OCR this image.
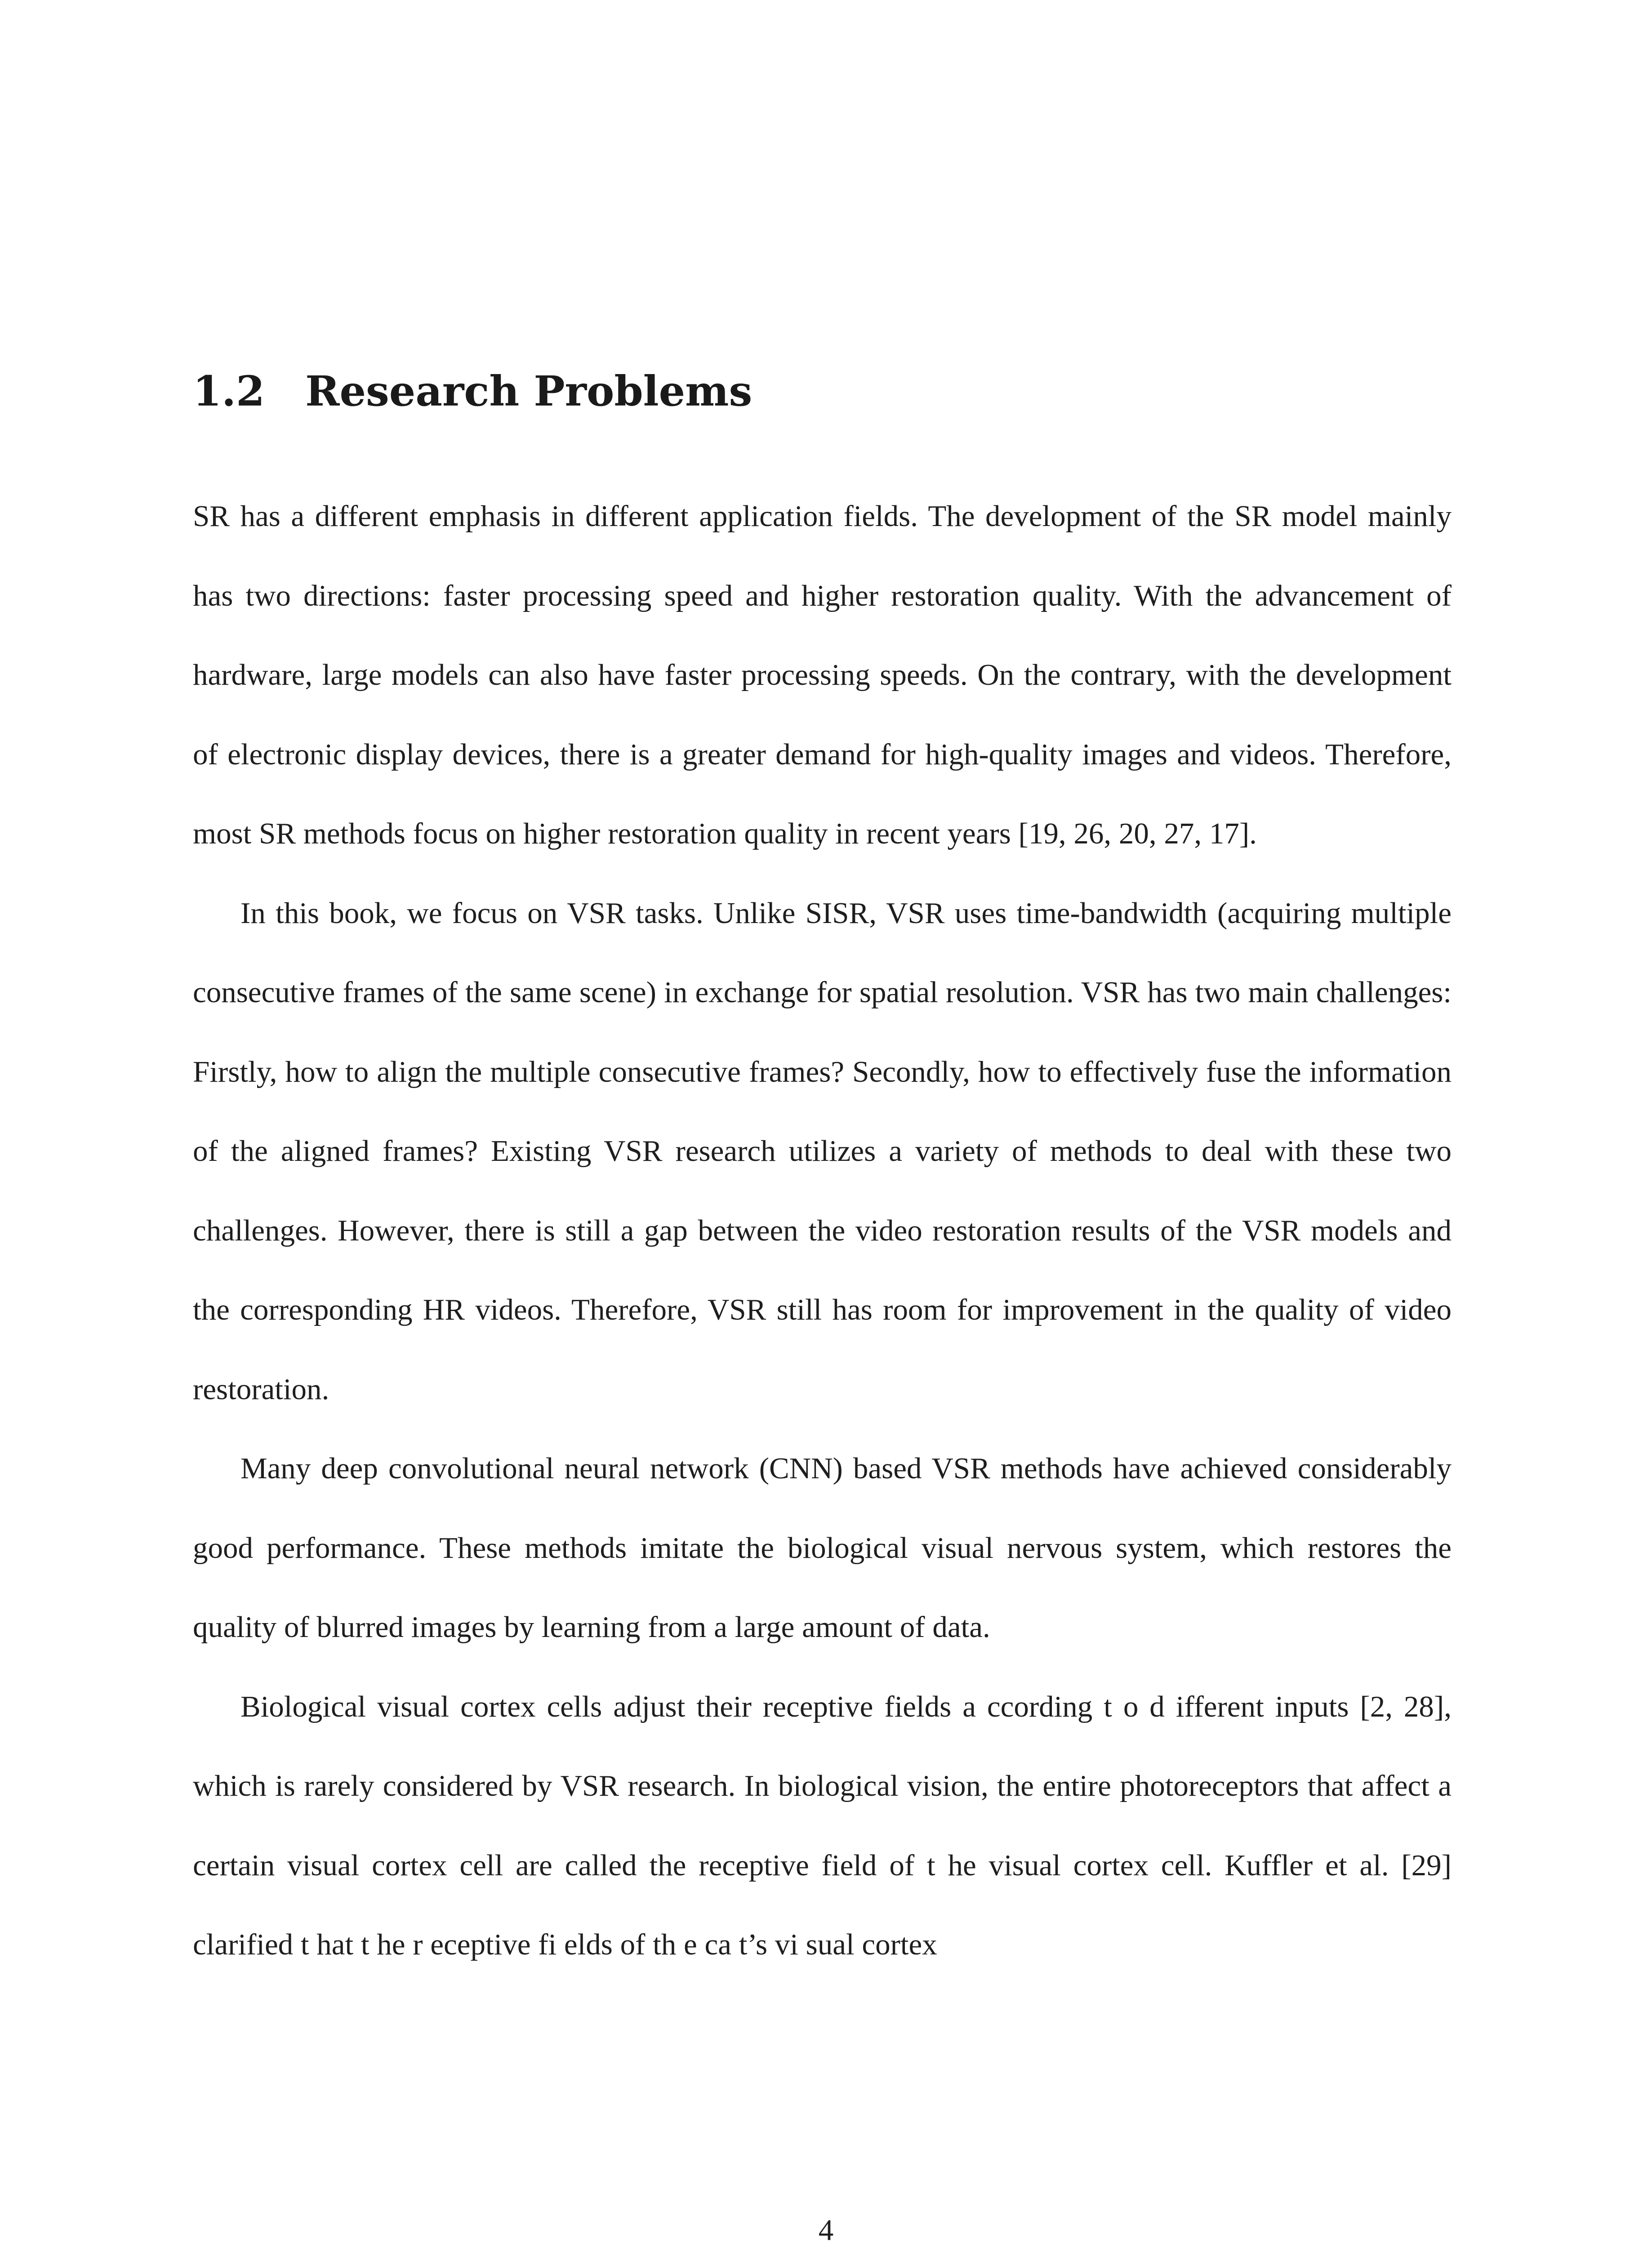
1.2 Research Problems

SR has a different emphasis in different application fields. The development of the SR model mainly has two directions: faster processing speed and higher restoration quality. With the advancement of hardware, large models can also have faster processing speeds. On the contrary, with the development of electronic display devices, there is a greater demand for high-quality images and videos. Therefore, most SR methods focus on higher restoration quality in recent years [19, 26, 20, 27, 17].

In this book, we focus on VSR tasks. Unlike SISR, VSR uses time-bandwidth (acquiring multiple consecutive frames of the same scene) in exchange for spatial resolution. VSR has two main challenges: Firstly, how to align the multiple consecutive frames? Secondly, how to effectively fuse the information of the aligned frames? Existing VSR research utilizes a variety of methods to deal with these two challenges. However, there is still a gap between the video restoration results of the VSR models and the corresponding HR videos. Therefore, VSR still has room for improvement in the quality of video restoration.

Many deep convolutional neural network (CNN) based VSR methods have achieved considerably good performance. These methods imitate the biological visual nervous system, which restores the quality of blurred images by learning from a large amount of data.

Biological visual cortex cells adjust their receptive fields a ccording t o d ifferent inputs [2, 28], which is rarely considered by VSR research. In biological vision, the entire photoreceptors that affect a certain visual cortex cell are called the receptive field of t he visual cortex cell. Kuffler et al. [29] clarified t hat t he r eceptive fi elds of th e ca t’s vi sual cortex

4
